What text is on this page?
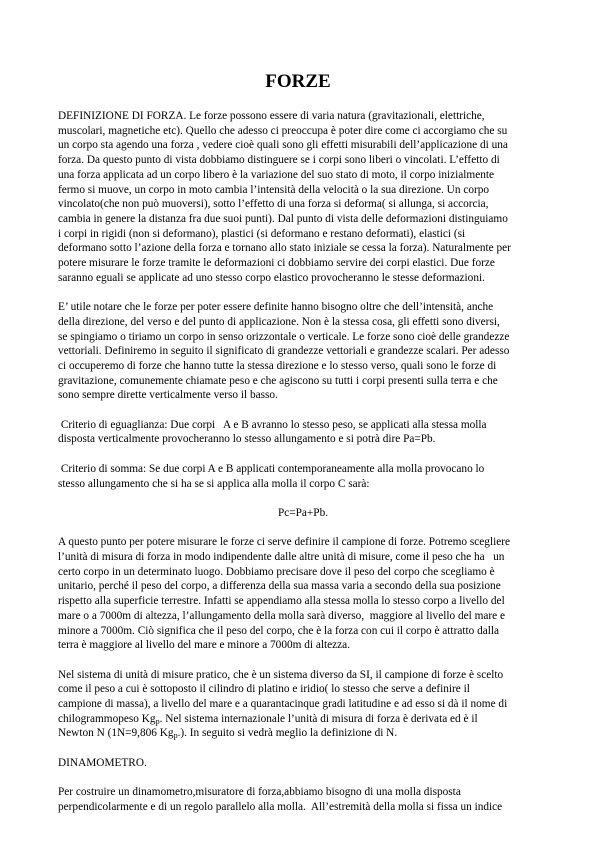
FORZE

DEFINIZIONE DI FORZA. Le forze possono essere di varia natura (gravitazionali, elettriche,
muscolari, magnetiche etc). Quello che adesso ci preoccupa è poter dire come ci accorgiamo che su
un corpo sta agendo una forza , vedere cioè quali sono gli effetti misurabili dell’applicazione di una
forza. Da questo punto di vista dobbiamo distinguere se i corpi sono liberi o vincolati. L’effetto di
una forza applicata ad un corpo libero è la variazione del suo stato di moto, il corpo inizialmente
fermo si muove, un corpo in moto cambia l’intensità della velocità o la sua direzione. Un corpo
vincolato(che non può muoversi), sotto l’effetto di una forza si deforma( si allunga, si accorcia,
cambia in genere la distanza fra due suoi punti). Dal punto di vista delle deformazioni distinguiamo
i corpi in rigidi (non si deformano), plastici (si deformano e restano deformati), elastici (si
deformano sotto l’azione della forza e tornano allo stato iniziale se cessa la forza). Naturalmente per
potere misurare le forze tramite le deformazioni ci dobbiamo servire dei corpi elastici. Due forze
saranno eguali se applicate ad uno stesso corpo elastico provocheranno le stesse deformazioni.

E’ utile notare che le forze per poter essere definite hanno bisogno oltre che dell’intensità, anche
della direzione, del verso e del punto di applicazione. Non è la stessa cosa, gli effetti sono diversi,
se spingiamo o tiriamo un corpo in senso orizzontale o verticale. Le forze sono cioè delle grandezze
vettoriali. Definiremo in seguito il significato di grandezze vettoriali e grandezze scalari. Per adesso
ci occuperemo di forze che hanno tutte la stessa direzione e lo stesso verso, quali sono le forze di
gravitazione, comunemente chiamate peso e che agiscono su tutti i corpi presenti sulla terra e che
sono sempre dirette verticalmente verso il basso.

Criterio di eguaglianza: Due corpi   A e B avranno lo stesso peso, se applicati alla stessa molla
disposta verticalmente provocheranno lo stesso allungamento e si potrà dire Pa=Pb.

Criterio di somma: Se due corpi A e B applicati contemporaneamente alla molla provocano lo
stesso allungamento che si ha se si applica alla molla il corpo C sarà:

Pc=Pa+Pb.

A questo punto per potere misurare le forze ci serve definire il campione di forze. Potremo scegliere
l’unità di misura di forza in modo indipendente dalle altre unità di misure, come il peso che ha   un
certo corpo in un determinato luogo. Dobbiamo precisare dove il peso del corpo che scegliamo è
unitario, perché il peso del corpo, a differenza della sua massa varia a secondo della sua posizione
rispetto alla superficie terrestre. Infatti se appendiamo alla stessa molla lo stesso corpo a livello del
mare o a 7000m di altezza, l’allungamento della molla sarà diverso,  maggiore al livello del mare e
minore a 7000m. Ciò significa che il peso del corpo, che è la forza con cui il corpo è attratto dalla
terra è maggiore al livello del mare e minore a 7000m di altezza.

Nel sistema di unità di misure pratico, che è un sistema diverso da SI, il campione di forze è scelto
come il peso a cui è sottoposto il cilindro di platino e iridio( lo stesso che serve a definire il
campione di massa), a livello del mare e a quarantacinque gradi latitudine e ad esso si dà il nome di
chilogrammopeso $Kg_p$. Nel sistema internazionale l’unità di misura di forza è derivata ed è il
Newton N (1N=9,806 $Kg_p$.). In seguito si vedrà meglio la definizione di N.

DINAMOMETRO.

Per costruire un dinamometro,misuratore di forza,abbiamo bisogno di una molla disposta
perpendicolarmente e di un regolo parallelo alla molla.  All’estremità della molla si fissa un indice
